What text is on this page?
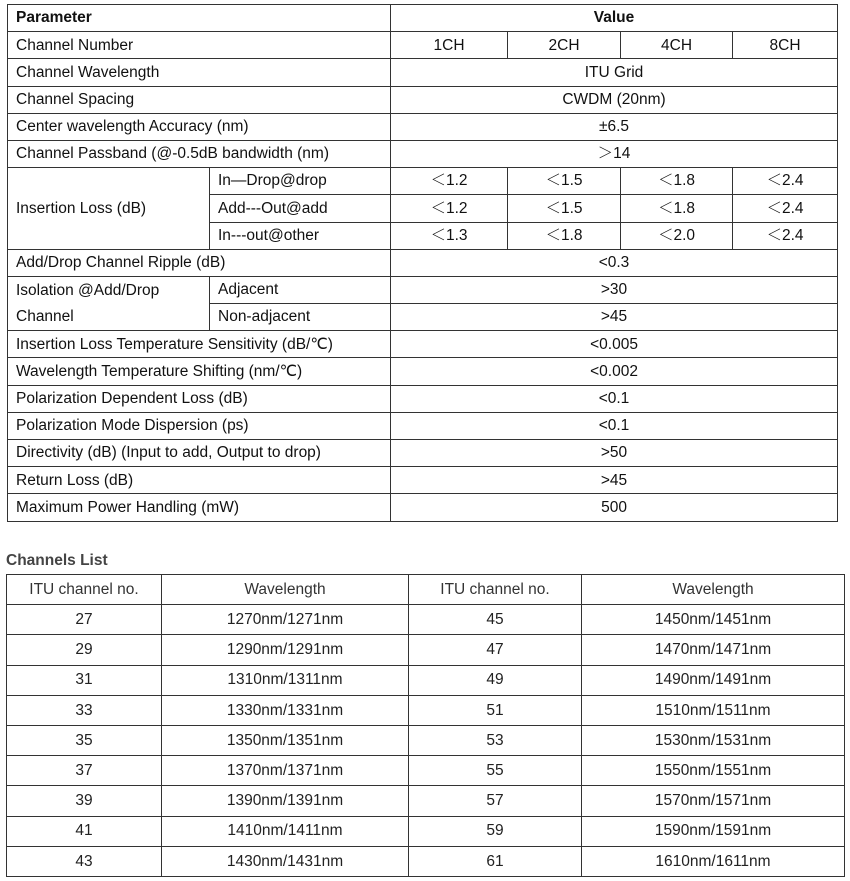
Parameter		Value			
Channel Number		1CH	2CH	4CH	8CH
Channel Wavelength		ITU Grid			
Channel Spacing		CWDM (20nm)			
Center wavelength Accuracy (nm)		±6.5			
Channel Passband (@-0.5dB bandwidth (nm)		＞14			
Insertion Loss (dB)	In—Drop@drop	＜1.2	＜1.5	＜1.8	＜2.4
	Add---Out@add	＜1.2	＜1.5	＜1.8	＜2.4
	In---out@other	＜1.3	＜1.8	＜2.0	＜2.4
Add/Drop Channel Ripple (dB)		<0.3			
Isolation @Add/Drop
Channel	Adjacent	>30			
	Non-adjacent	>45			
Insertion Loss Temperature Sensitivity (dB/℃)		<0.005			
Wavelength Temperature Shifting (nm/℃)		<0.002			
Polarization Dependent Loss (dB)		<0.1			
Polarization Mode Dispersion (ps)		<0.1			
Directivity (dB) (Input to add, Output to drop)		>50			
Return Loss (dB)		>45			
Maximum Power Handling (mW)		500			
Channels List
ITU channel no.	Wavelength	ITU channel no.	Wavelength
27	1270nm/1271nm	45	1450nm/1451nm
29	1290nm/1291nm	47	1470nm/1471nm
31	1310nm/1311nm	49	1490nm/1491nm
33	1330nm/1331nm	51	1510nm/1511nm
35	1350nm/1351nm	53	1530nm/1531nm
37	1370nm/1371nm	55	1550nm/1551nm
39	1390nm/1391nm	57	1570nm/1571nm
41	1410nm/1411nm	59	1590nm/1591nm
43	1430nm/1431nm	61	1610nm/1611nm
